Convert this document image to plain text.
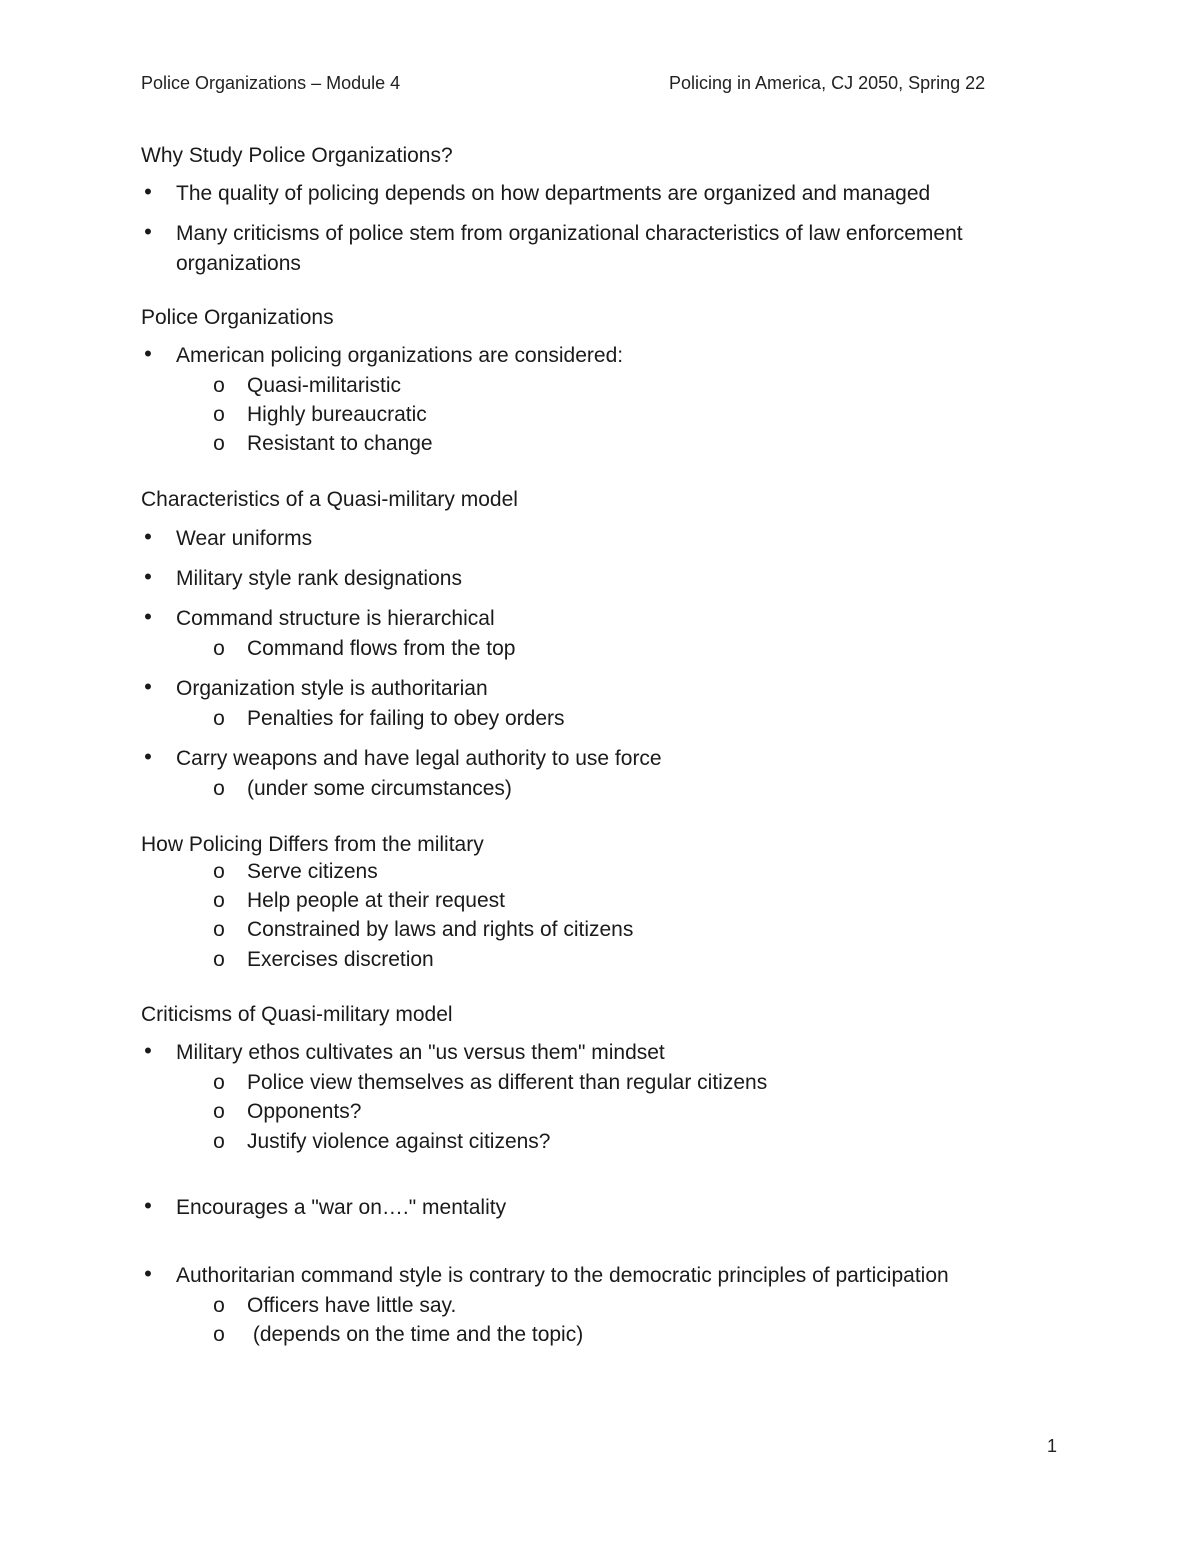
Police Organizations – Module 4	Policing in America, CJ 2050, Spring 22
Why Study Police Organizations?
• The quality of policing depends on how departments are organized and managed
• Many criticisms of police stem from organizational characteristics of law enforcement
organizations
Police Organizations
• American policing organizations are considered:
o Quasi-militaristic
o Highly bureaucratic
o Resistant to change
Characteristics of a Quasi-military model
• Wear uniforms
• Military style rank designations
• Command structure is hierarchical
o Command flows from the top
• Organization style is authoritarian
o Penalties for failing to obey orders
• Carry weapons and have legal authority to use force
o (under some circumstances)
How Policing Differs from the military
o Serve citizens
o Help people at their request
o Constrained by laws and rights of citizens
o Exercises discretion
Criticisms of Quasi-military model
• Military ethos cultivates an "us versus them" mindset
o Police view themselves as different than regular citizens
o Opponents?
o Justify violence against citizens?
• Encourages a "war on…." mentality
• Authoritarian command style is contrary to the democratic principles of participation
o Officers have little say.
o (depends on the time and the topic)
1
